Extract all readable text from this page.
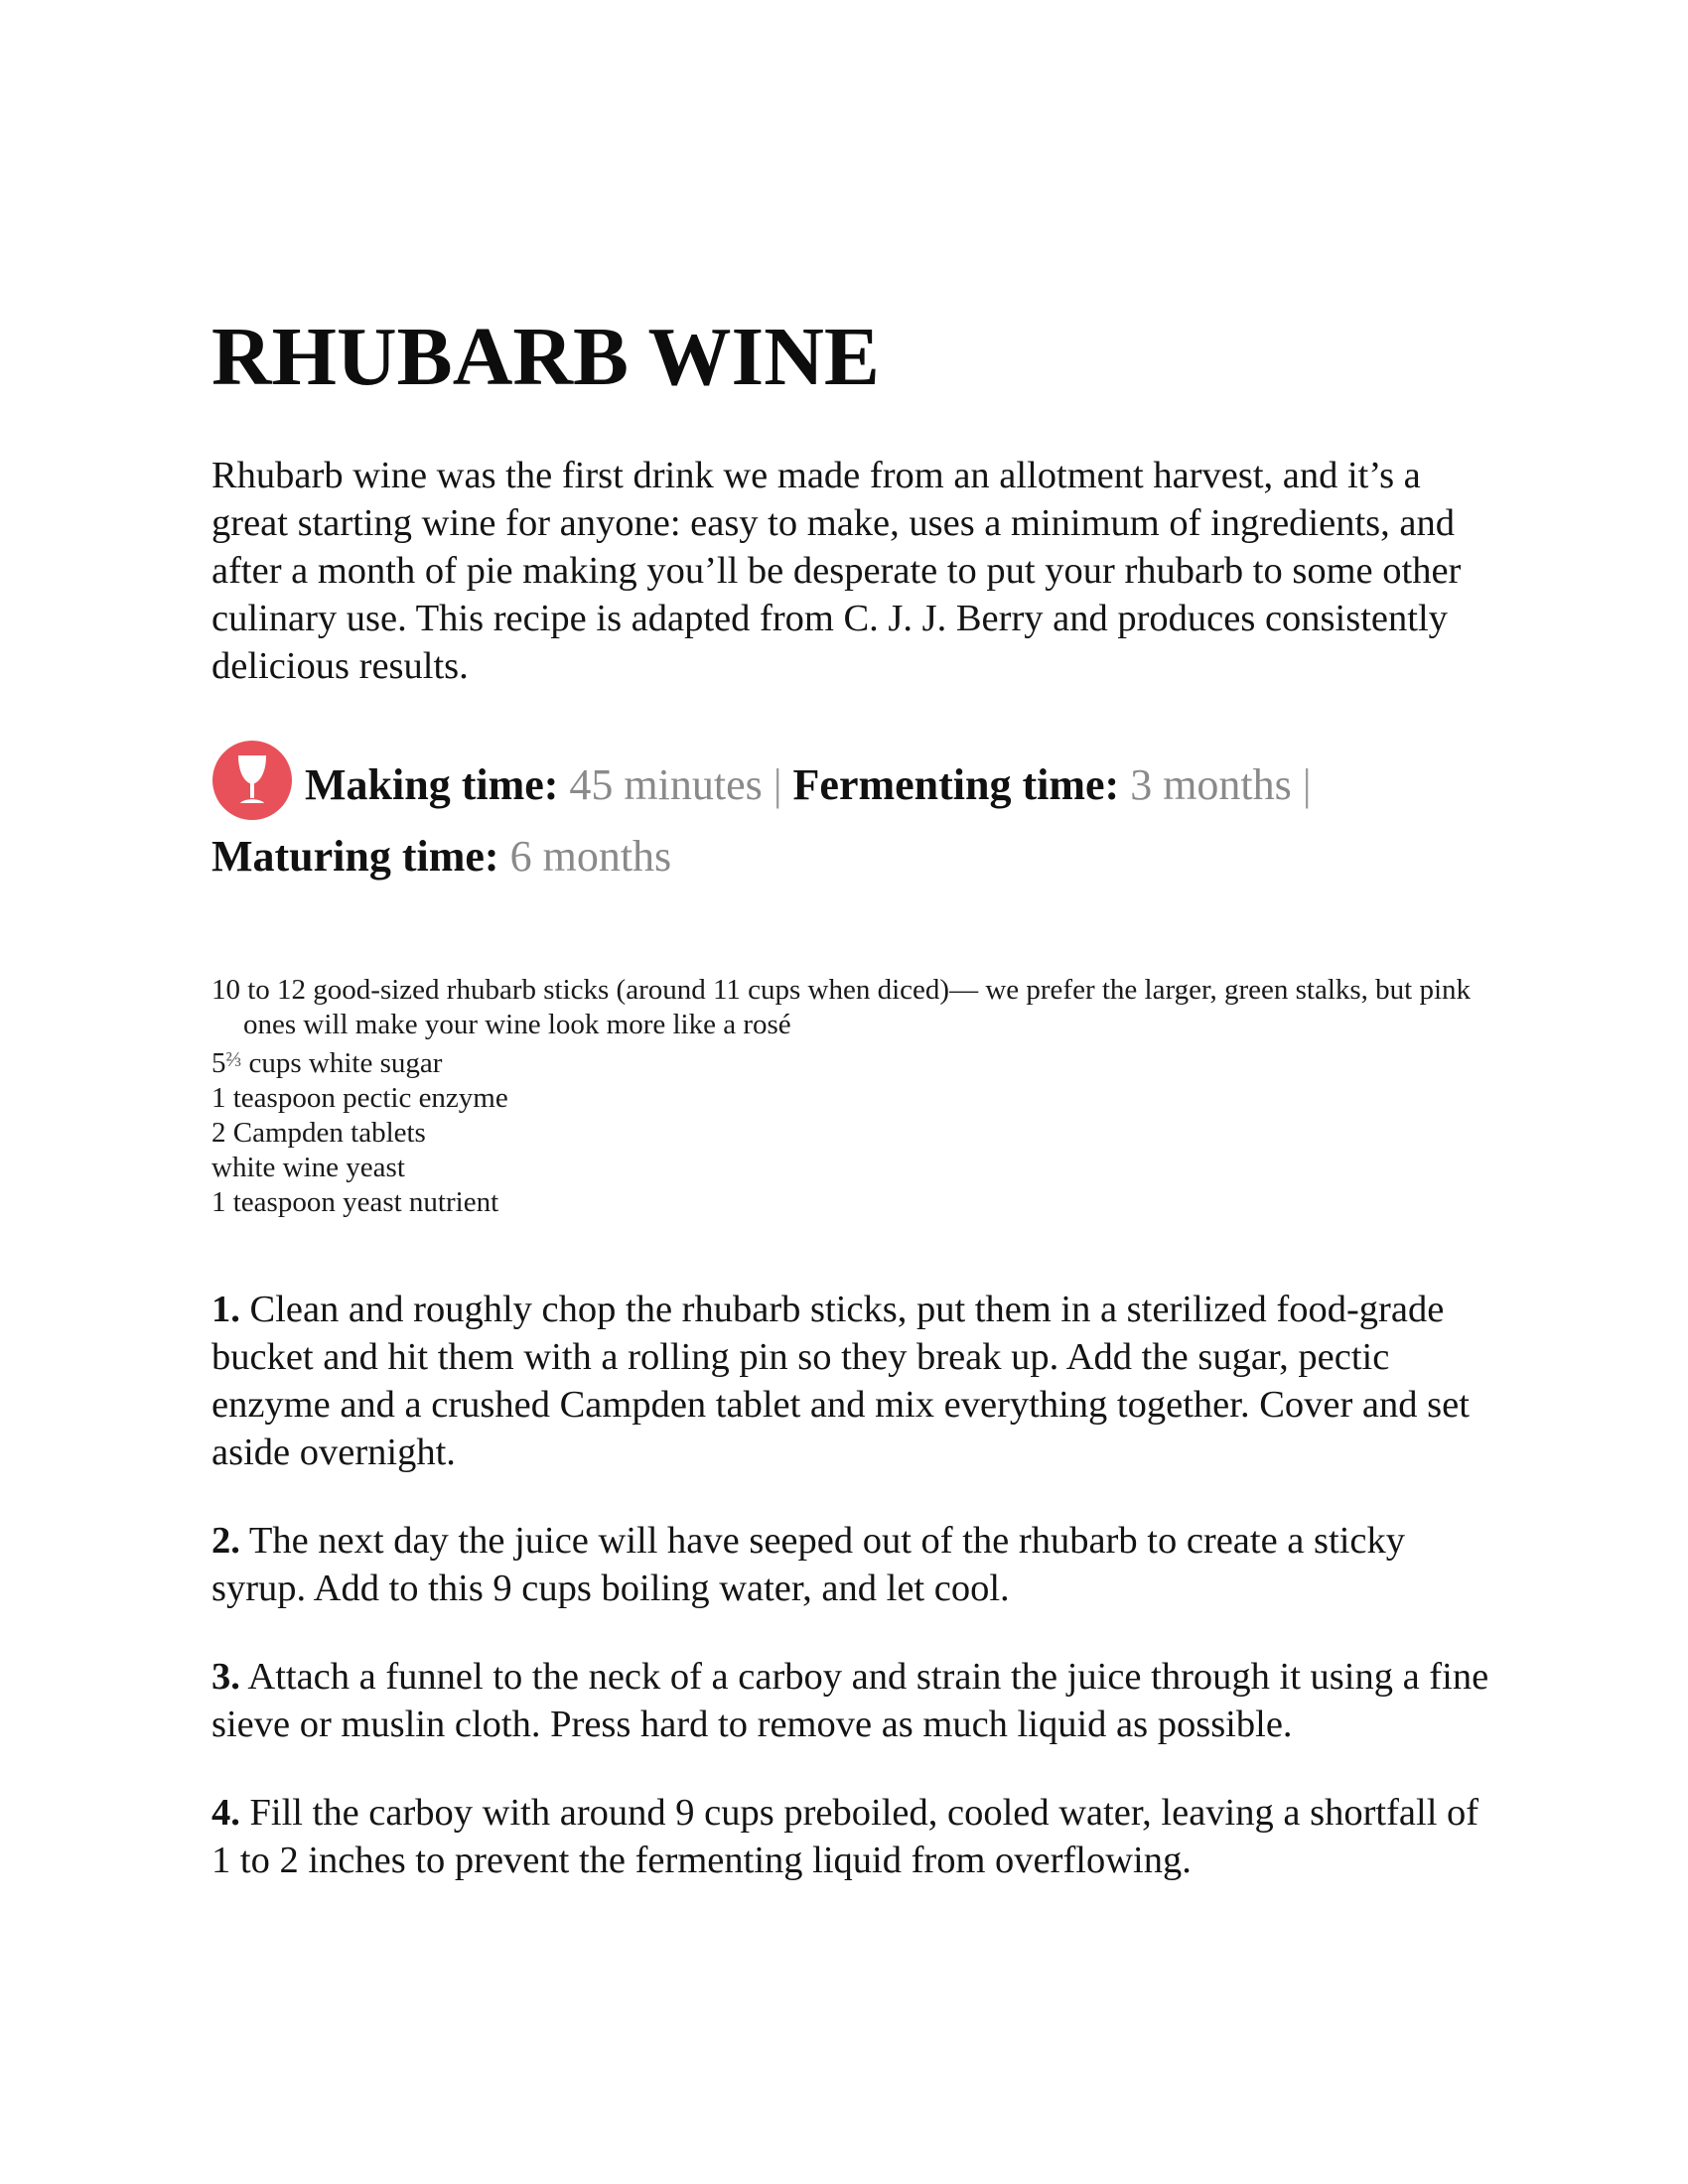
RHUBARB WINE

Rhubarb wine was the first drink we made from an allotment harvest, and it’s a great starting wine for anyone: easy to make, uses a minimum of ingredients, and after a month of pie making you’ll be desperate to put your rhubarb to some other culinary use. This recipe is adapted from C. J. J. Berry and produces consistently delicious results.

Making time: 45 minutes | Fermenting time: 3 months |
Maturing time: 6 months
10 to 12 good-sized rhubarb sticks (around 11 cups when diced)— we prefer the larger, green stalks, but pink ones will make your wine look more like a rosé
$5^{\frac{2}{3}}$ cups white sugar
1 teaspoon pectic enzyme
2 Campden tablets
white wine yeast
1 teaspoon yeast nutrient

1. Clean and roughly chop the rhubarb sticks, put them in a sterilized food-grade bucket and hit them with a rolling pin so they break up. Add the sugar, pectic enzyme and a crushed Campden tablet and mix everything together. Cover and set aside overnight.

2. The next day the juice will have seeped out of the rhubarb to create a sticky syrup. Add to this 9 cups boiling water, and let cool.

3. Attach a funnel to the neck of a carboy and strain the juice through it using a fine sieve or muslin cloth. Press hard to remove as much liquid as possible.

4. Fill the carboy with around 9 cups preboiled, cooled water, leaving a shortfall of 1 to 2 inches to prevent the fermenting liquid from overflowing.
